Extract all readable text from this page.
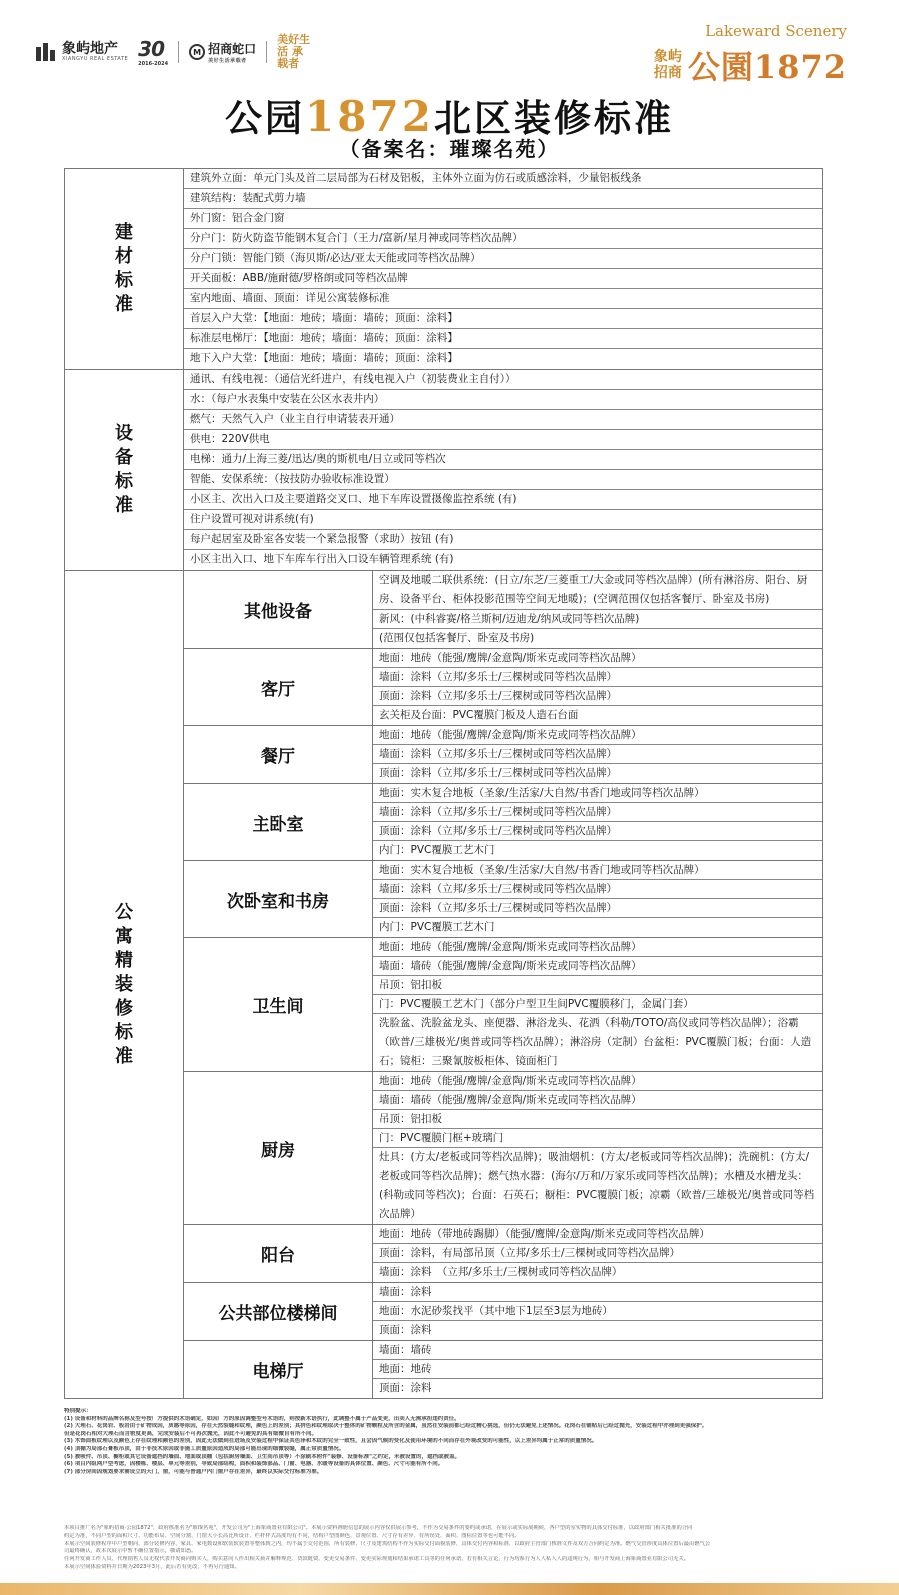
象屿地产
XIANGYU REAL ESTATE 30
2016-2024
M 招商蛇口
美好生活承载者
美好生活 承载者
Lakeward Scenery
象屿
招商 公園1872
公园1872北区装修标准
（备案名：璀璨名苑）
建材标准
建筑外立面：单元门头及首二层局部为石材及铝板，主体外立面为仿石或质感涂料，少量铝板线条
建筑结构：装配式剪力墙
外门窗：铝合金门窗
分户门：防火防盗节能钢木复合门（王力/富新/星月神或同等档次品牌）
分户门锁：智能门锁（海贝斯/必达/亚太天能或同等档次品牌）
开关面板：ABB/施耐德/罗格朗或同等档次品牌
室内地面、墙面、顶面：详见公寓装修标准
首层入户大堂：【地面：地砖；墙面：墙砖；顶面：涂料】
标准层电梯厅：【地面：地砖；墙面：墙砖；顶面：涂料】
地下入户大堂：【地面：地砖；墙面：墙砖；顶面：涂料】
设备标准
通讯、有线电视：（通信光纤进户，有线电视入户（初装费业主自付））
水：（每户水表集中安装在公区水表井内）
燃气：天然气入户（业主自行申请装表开通）
供电：220V供电
电梯：通力/上海三菱/迅达/奥的斯机电/日立或同等档次
智能、安保系统：（按技防办验收标准设置）
小区主、次出入口及主要道路交叉口、地下车库设置摄像监控系统 (有)
住户设置可视对讲系统(有)
每户起居室及卧室各安装一个紧急报警（求助）按钮 (有)
小区主出入口、地下车库车行出入口设车辆管理系统 (有)
公寓精装修标准
其他设备
空调及地暖二联供系统：(日立/东芝/三菱重工/大金或同等档次品牌）(所有淋浴房、阳台、厨房、设备平台、柜体投影范围等空间无地暖)；(空调范围仅包括客餐厅、卧室及书房)
新风：(中科睿赛/格兰斯柯/迈迪龙/纳风或同等档次品牌)
(范围仅包括客餐厅、卧室及书房)
客厅
地面：地砖（能强/鹰牌/金意陶/斯米克或同等档次品牌）
墙面：涂料（立邦/多乐士/三棵树或同等档次品牌）
顶面：涂料（立邦/多乐士/三棵树或同等档次品牌）
玄关柜及台面：PVC覆膜门板及人造石台面
餐厅
地面：地砖（能强/鹰牌/金意陶/斯米克或同等档次品牌）
墙面：涂料（立邦/多乐士/三棵树或同等档次品牌）
顶面：涂料（立邦/多乐士/三棵树或同等档次品牌）
主卧室
地面：实木复合地板（圣象/生活家/大自然/书香门地或同等档次品牌）
墙面：涂料（立邦/多乐士/三棵树或同等档次品牌）
顶面：涂料（立邦/多乐士/三棵树或同等档次品牌）
内门：PVC覆膜工艺木门
次卧室和书房
地面：实木复合地板（圣象/生活家/大自然/书香门地或同等档次品牌）
墙面：涂料（立邦/多乐士/三棵树或同等档次品牌）
顶面：涂料（立邦/多乐士/三棵树或同等档次品牌）
内门：PVC覆膜工艺木门
卫生间
地面：地砖（能强/鹰牌/金意陶/斯米克或同等档次品牌）
墙面：墙砖（能强/鹰牌/金意陶/斯米克或同等档次品牌）
吊顶：铝扣板
门：PVC覆膜工艺木门（部分户型卫生间PVC覆膜移门，金属门套）
洗脸盆、洗脸盆龙头、座便器、淋浴龙头、花洒（科勒/TOTO/高仪或同等档次品牌）；浴霸（欧普/三雄极光/奥普或同等档次品牌）；淋浴房（定制）台盆柜：PVC覆膜门板；台面：人造石；镜柜：三聚氰胺板柜体、镜面柜门
厨房
地面：地砖（能强/鹰牌/金意陶/斯米克或同等档次品牌）
墙面：墙砖（能强/鹰牌/金意陶/斯米克或同等档次品牌）
吊顶：铝扣板
门：PVC覆膜门框+玻璃门
灶具：(方太/老板或同等档次品牌)；吸油烟机：(方太/老板或同等档次品牌)；洗碗机：(方太/老板或同等档次品牌)；燃气热水器：(海尔/万和/万家乐或同等档次品牌)；水槽及水槽龙头：(科勒或同等档次)；台面：石英石；橱柜：PVC覆膜门板；凉霸（欧普/三雄极光/奥普或同等档次品牌）
阳台
地面：地砖（带地砖踢脚）（能强/鹰牌/金意陶/斯米克或同等档次品牌）
顶面：涂料，有局部吊顶（立邦/多乐士/三棵树或同等档次品牌）
墙面：涂料　（立邦/多乐士/三棵树或同等档次品牌）
公共部位楼梯间
墙面：涂料
地面：水泥砂浆找平（其中地下1层至3层为地砖）
顶面：涂料
电梯厅
墙面：墙砖
地面：地砖
顶面：涂料

特别提示：

(1) 设备和材料的品牌名称及型号按厂方提供的术语确定，如因厂方的原因调整型号术语的，则按新术语执行，此调整不属于产品变更，出卖人无需承担违约责任。

(2) 大理石、花岗岩、板岩由于矿物成因，质感等原因，存在天然裂缝和纹理，颜色上的差别；其拼色和纹理取决于整体的矿物颗粒及所含的金属，虽然在安装前都已经过精心挑选，但仍无法避免上述情况。花岗石在铺贴后已经过抛光，安装过程中亦理到更强保护。

但是花岗石相对大理石而言密度更高，完成安装后不可再次抛光，因此不可避免的具有细微自有所不同。

(3) 木饰面板纹理以及颜色上存在纹理和颜色的差别，因此无法做到在进场及安装过程中保证其色泽和木纹的完全一致性，且会因气候的变化及使用环境的不同而存在外观改变的可能性，以上差异均属于正常的质量情况。

(4) 顶棚为局部石膏板吊顶，由于非技术原因或非施工质量原因造成的局部可能出现的细微裂缝，属正常质量情况。

(5) 被吸件、吊顶、橱柜或其它设备遮挡的墙面、地面或顶棚（包括厨房墙面、卫生间吊顶等）不涂刷本附件"装修、设备标准"之约定，未被设置的，遮挡或被盖。

(6) 项目内组网户型考虑，因楼栋、楼层、单元等差别，导致局部结构，面积和装饰部品、门窗、电器、水暖等设备的具体位置、颜色、尺寸可能有所不同。

(7) 部分房间因规划要求需设立的天门，窗，可能与普通户内门窗户存在差异，最终以实际交付标准为准。

本项目推广名为"象屿招商·公园1872"，政府核准名为"璀璨名苑"，开发公司为"上海象商置业有限公司"。本展示资料画册信息的展示内容仅供展示参考，不作为交易条件的要约或承诺，在展示或实际展期候，各户型的室实物的具体交付标准，以政府部门相关批准的合同

约定为准，不同户型的面积尺寸、功能布局、空间分割、门窗大小长高比所设计、栏杆样式高度均有不同，结构户型图颜色、景观位置、尺寸存有差异、有所误处，面积、图标位置等也可能不同。

本展示空间装修程序中户型朝向、部分装修内容、家具、家电数设和软装软装置等整体到之内，均不属于交付范围，所有装修、尺寸及建筑结构不作为实际交付面貌装修，具体交付内容和标准，以政府主管部门核准文件及双方合同约定为准。燃气交管涉度具体位置后最由燃气公

司最终确认，故本次展示中暂不确位置指示，敬请知悉。

任何开发商工作人员、代理销售人员无权代表开发商向购买人，购买意向人作出相关须并解释规范、贷款链资、变更交易条件、变更实际规划和结果承诺工具等的任何承诺，若有相关言论，行为均系行为人人私人人的违规行为，相与开发商上海象商置业有限公司无关。

本展示空间体验资料并日期为2023年3月，此后若有更改，不再另行通知。
